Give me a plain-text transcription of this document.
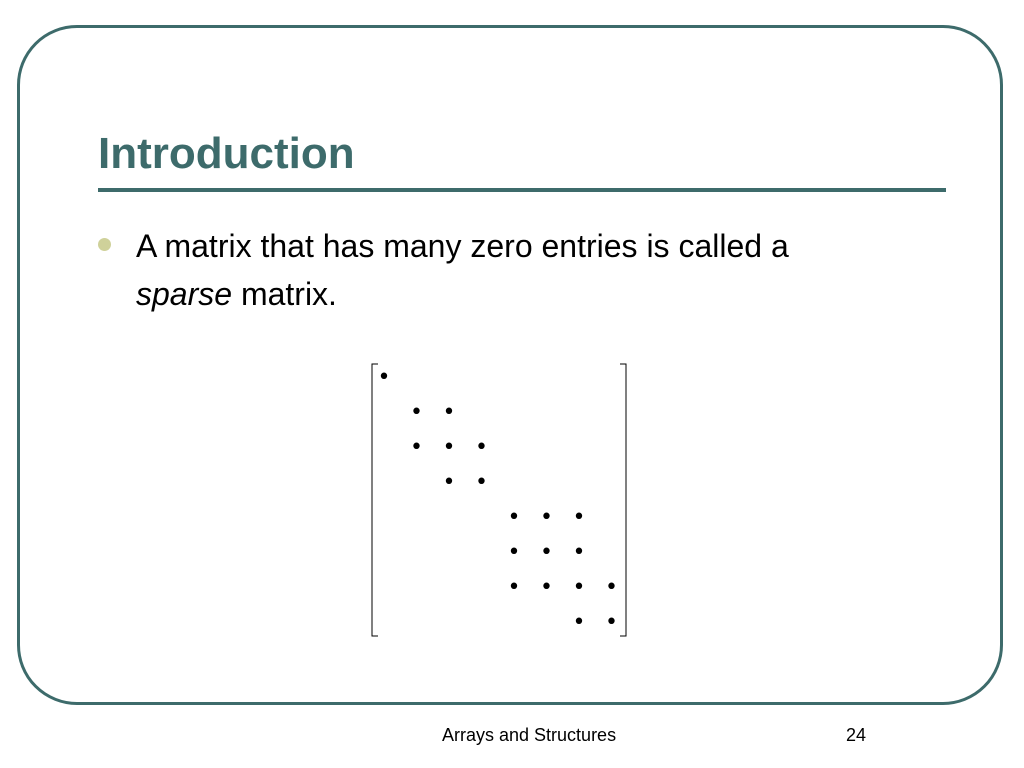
Introduction

A matrix that has many zero entries is called a sparse matrix.

•
• •
• • •
• •
• • •
• • •
• • • •
• •
Arrays and Structures	24
